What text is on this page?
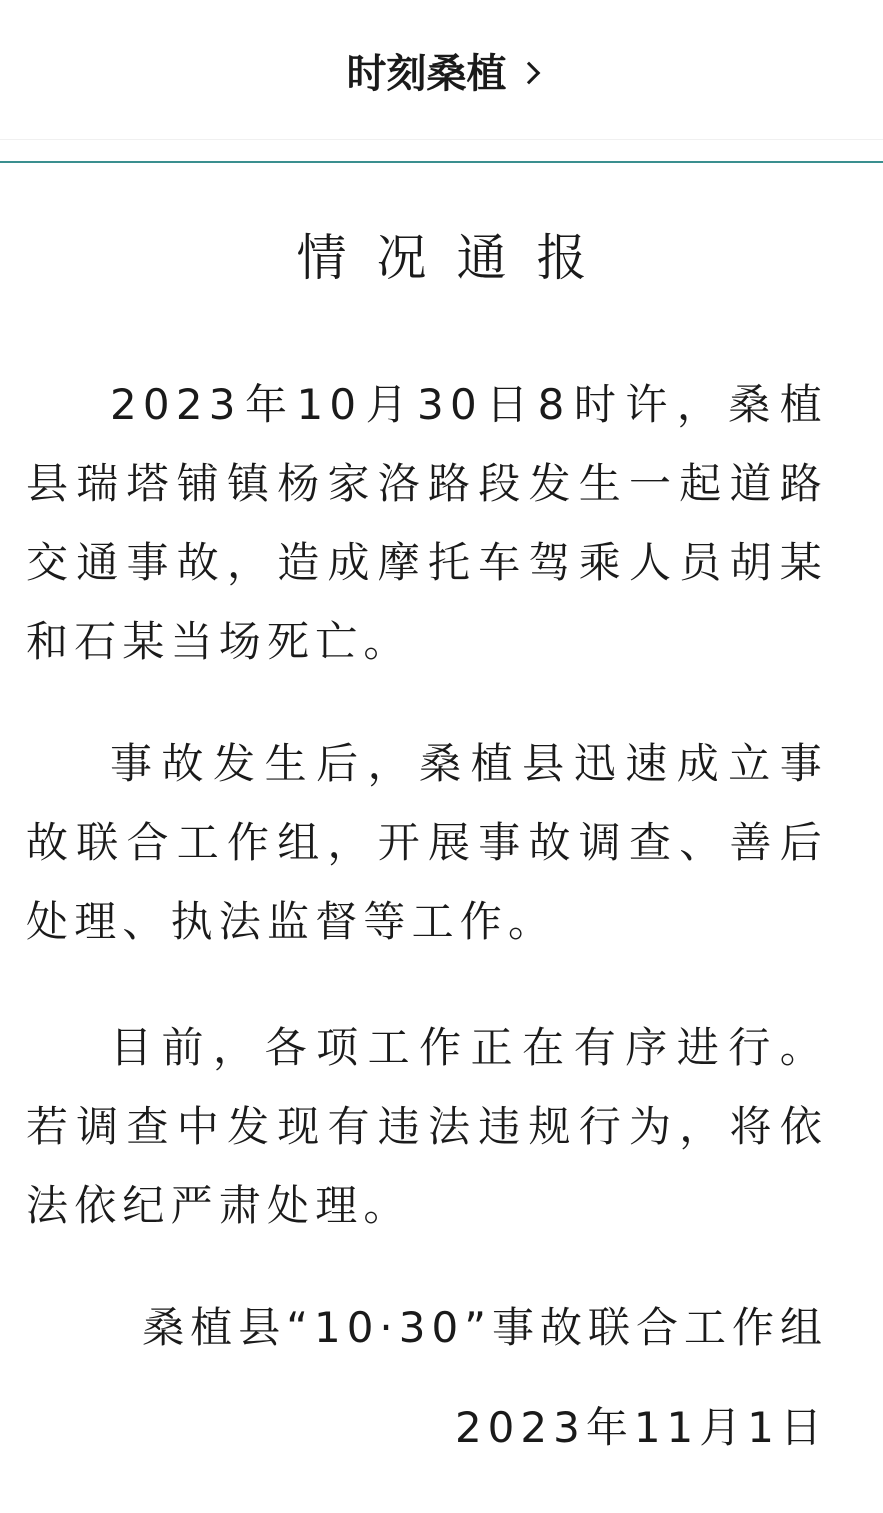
时刻桑植
情况通报

2023年10月30日8时许，桑植县瑞塔铺镇杨家洛路段发生一起道路交通事故，造成摩托车驾乘人员胡某和石某当场死亡。

事故发生后，桑植县迅速成立事故联合工作组，开展事故调查、善后处理、执法监督等工作。

目前，各项工作正在有序进行。若调查中发现有违法违规行为，将依法依纪严肃处理。

桑植县“10·30”事故联合工作组
2023年11月1日
